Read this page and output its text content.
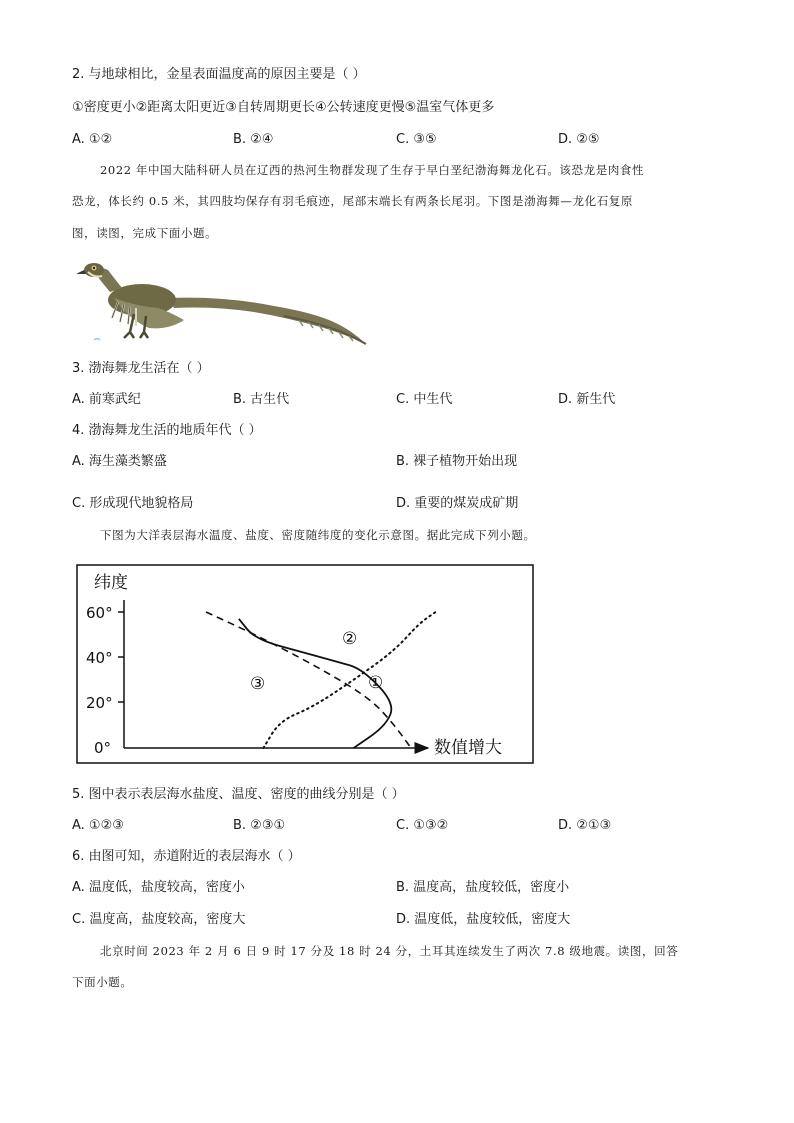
2. 与地球相比，金星表面温度高的原因主要是（ ）
①密度更小②距离太阳更近③自转周期更长④公转速度更慢⑤温室气体更多
A. ①②	B. ②④	C. ③⑤	D. ②⑤
2022 年中国大陆科研人员在辽西的热河生物群发现了生存于早白垩纪渤海舞龙化石。该恐龙是肉食性
恐龙，体长约 0.5 米，其四肢均保存有羽毛痕迹，尾部末端长有两条长尾羽。下图是渤海舞—龙化石复原
图，读图，完成下面小题。
3. 渤海舞龙生活在（ ）
A. 前寒武纪	B. 古生代	C. 中生代	D. 新生代
4. 渤海舞龙生活的地质年代（ ）
A. 海生藻类繁盛	B. 裸子植物开始出现
C. 形成现代地貌格局	D. 重要的煤炭成矿期
下图为大洋表层海水温度、盐度、密度随纬度的变化示意图。据此完成下列小题。
纬度
60°
40°
20°
0°	数值增大
①
②
③
5. 图中表示表层海水盐度、温度、密度的曲线分别是（ ）
A. ①②③	B. ②③①	C. ①③②	D. ②①③
6. 由图可知，赤道附近的表层海水（ ）
A. 温度低，盐度较高，密度小	B. 温度高，盐度较低，密度小
C. 温度高，盐度较高，密度大	D. 温度低，盐度较低，密度大
北京时间 2023 年 2 月 6 日 9 时 17 分及 18 时 24 分，土耳其连续发生了两次 7.8 级地震。读图，回答
下面小题。
